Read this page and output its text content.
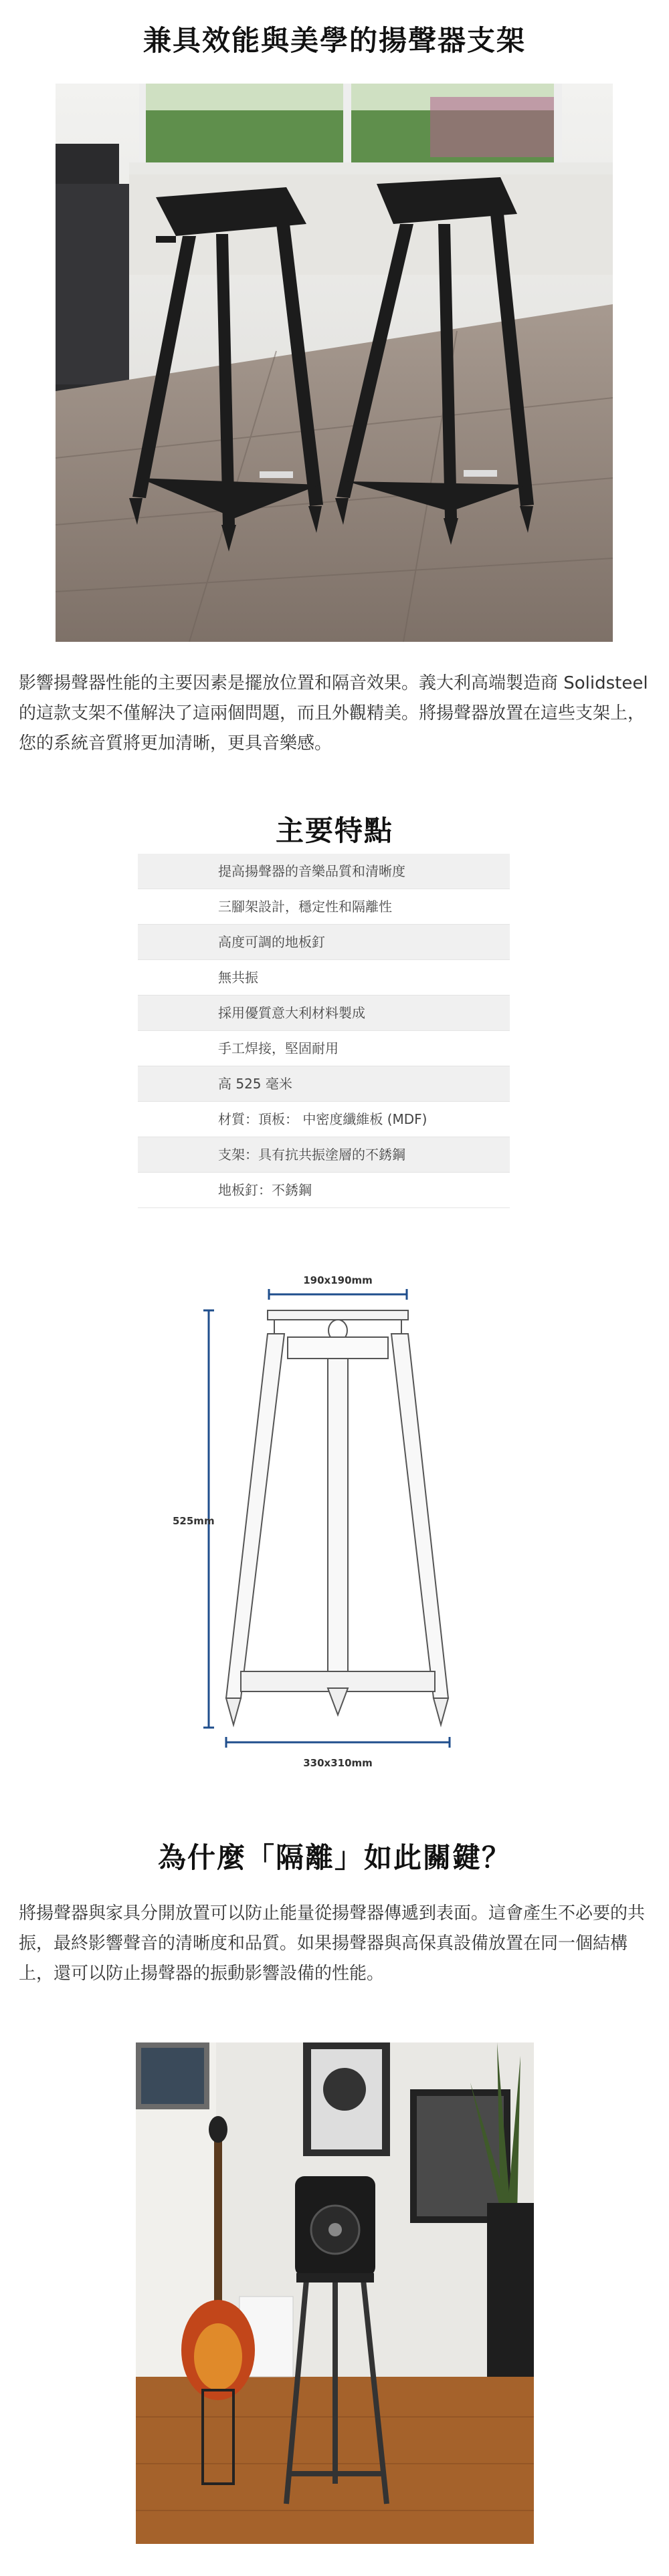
兼具效能與美學的揚聲器支架
影響揚聲器性能的主要因素是擺放位置和隔音效果。義大利高端製造商 Solidsteel 的這款支架不僅解決了這兩個問題，而且外觀精美。將揚聲器放置在這些支架上，您的系統音質將更加清晰，更具音樂感。
主要特點
提高揚聲器的音樂品質和清晰度
三腳架設計，穩定性和隔離性
高度可調的地板釘
無共振
採用優質意大利材料製成
手工焊接，堅固耐用
高 525 毫米
材質：頂板： 中密度纖維板 (MDF)
支架：具有抗共振塗層的不銹鋼
地板釘：不銹鋼
190x190mm
525mm
330x310mm
為什麼「隔離」如此關鍵？
將揚聲器與家具分開放置可以防止能量從揚聲器傳遞到表面。這會產生不必要的共振，最終影響聲音的清晰度和品質。如果揚聲器與高保真設備放置在同一個結構上，還可以防止揚聲器的振動影響設備的性能。
